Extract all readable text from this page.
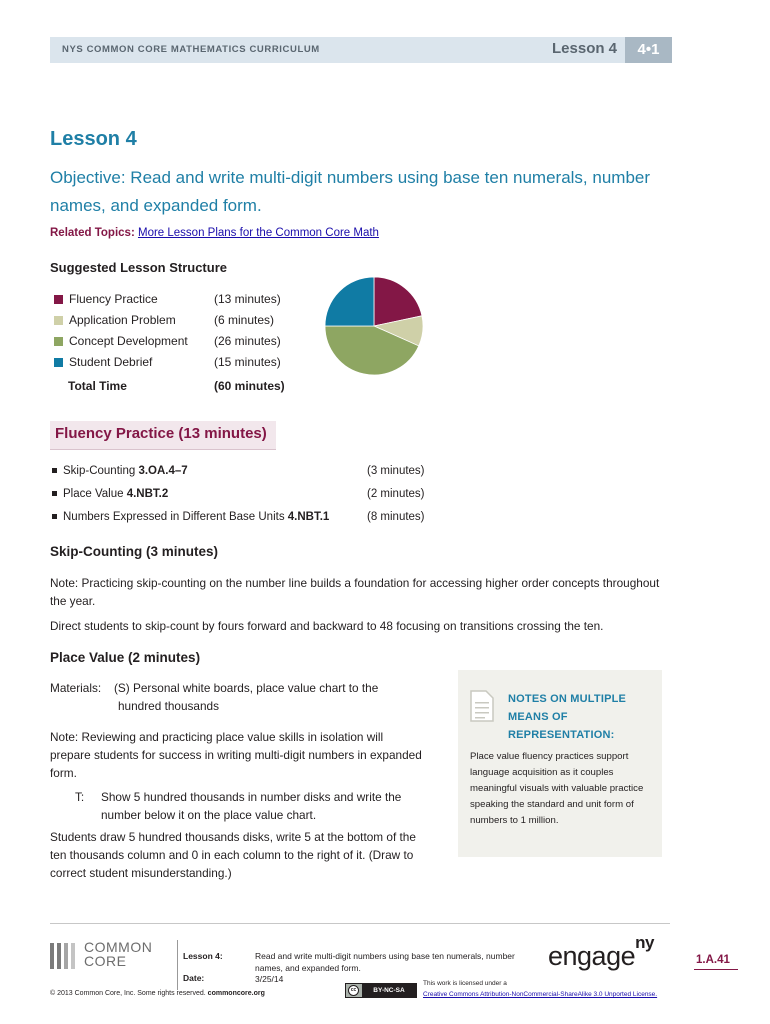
NYS COMMON CORE MATHEMATICS CURRICULUM	Lesson 4	4•1
Lesson 4
Objective: Read and write multi-digit numbers using base ten numerals, number names, and expanded form.
Related Topics: More Lesson Plans for the Common Core Math
Suggested Lesson Structure
Fluency Practice	(13 minutes)
Application Problem	(6 minutes)
Concept Development (26 minutes)
Student Debrief	(15 minutes)
Total Time	(60 minutes)
Fluency Practice (13 minutes)
Skip-Counting 3.OA.4–7	(3 minutes)
Place Value 4.NBT.2	(2 minutes)
Numbers Expressed in Different Base Units 4.NBT.1	(8 minutes)
Skip-Counting (3 minutes)
Note: Practicing skip-counting on the number line builds a foundation for accessing higher order concepts throughout the year.
Direct students to skip-count by fours forward and backward to 48 focusing on transitions crossing the ten.
Place Value (2 minutes)
Materials:	(S) Personal white boards, place value chart to the
hundred thousands
Note: Reviewing and practicing place value skills in isolation will prepare students for success in writing multi-digit numbers in expanded form.
T: Show 5 hundred thousands in number disks and write the number below it on the place value chart.
Students draw 5 hundred thousands disks, write 5 at the bottom of the ten thousands column and 0 in each column to the right of it. (Draw to correct student misunderstanding.)
NOTES ON MULTIPLE MEANS OF REPRESENTATION:
Place value fluency practices support language acquisition as it couples meaningful visuals with valuable practice speaking the standard and unit form of numbers to 1 million.
COMMON
CORE	Lesson 4:	Read and write multi-digit numbers using base ten numerals, number names, and expanded form.
Date:	3/25/14
engage$^{ny}$
1.A.41
© 2013 Common Core, Inc. Some rights reserved. commoncore.org	cc	BY-NC-SA
This work is licensed under a
Creative Commons Attribution-NonCommercial-ShareAlike 3.0 Unported License.
